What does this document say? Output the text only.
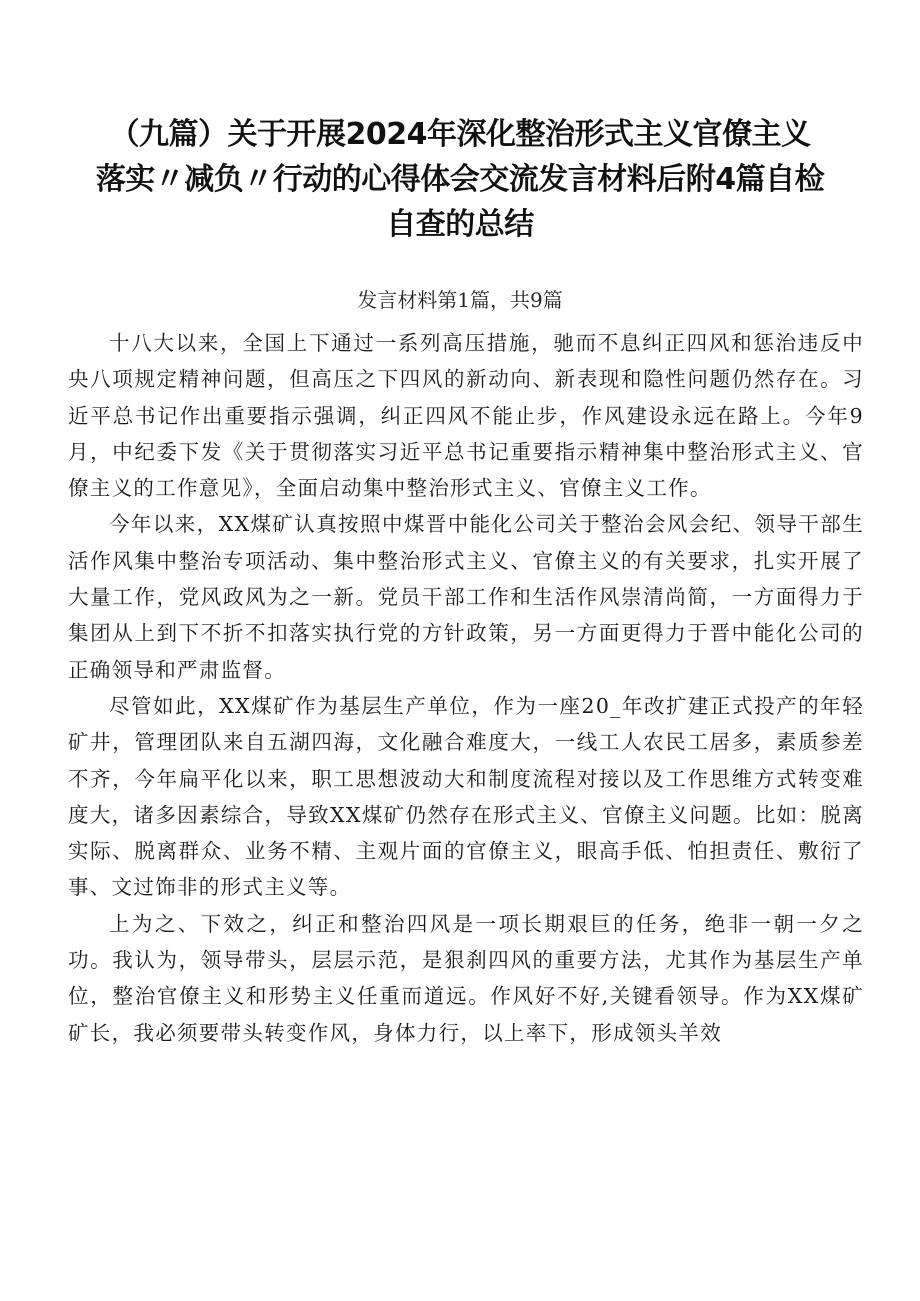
（九篇）关于开展2024年深化整治形式主义官僚主义
落实〃减负〃行动的心得体会交流发言材料后附4篇自检
自查的总结
发言材料第1篇，共9篇

十八大以来，全国上下通过一系列高压措施，驰而不息纠正四风和惩治违反中央八项规定精神问题，但高压之下四风的新动向、新表现和隐性问题仍然存在。习近平总书记作出重要指示强调，纠正四风不能止步，作风建设永远在路上。今年9月，中纪委下发《关于贯彻落实习近平总书记重要指示精神集中整治形式主义、官僚主义的工作意见》，全面启动集中整治形式主义、官僚主义工作。

今年以来，XX煤矿认真按照中煤晋中能化公司关于整治会风会纪、领导干部生活作风集中整治专项活动、集中整治形式主义、官僚主义的有关要求，扎实开展了大量工作，党风政风为之一新。党员干部工作和生活作风崇清尚简，一方面得力于集团从上到下不折不扣落实执行党的方针政策，另一方面更得力于晋中能化公司的正确领导和严肃监督。

尽管如此，XX煤矿作为基层生产单位，作为一座20_年改扩建正式投产的年轻矿井，管理团队来自五湖四海，文化融合难度大，一线工人农民工居多，素质参差不齐，今年扁平化以来，职工思想波动大和制度流程对接以及工作思维方式转变难度大，诸多因素综合，导致XX煤矿仍然存在形式主义、官僚主义问题。比如：脱离实际、脱离群众、业务不精、主观片面的官僚主义，眼高手低、怕担责任、敷衍了事、文过饰非的形式主义等。

上为之、下效之，纠正和整治四风是一项长期艰巨的任务，绝非一朝一夕之功。我认为，领导带头，层层示范，是狠刹四风的重要方法，尤其作为基层生产单位，整治官僚主义和形势主义任重而道远。作风好不好,关键看领导。作为XX煤矿矿长，我必须要带头转变作风，身体力行，以上率下，形成领头羊效
